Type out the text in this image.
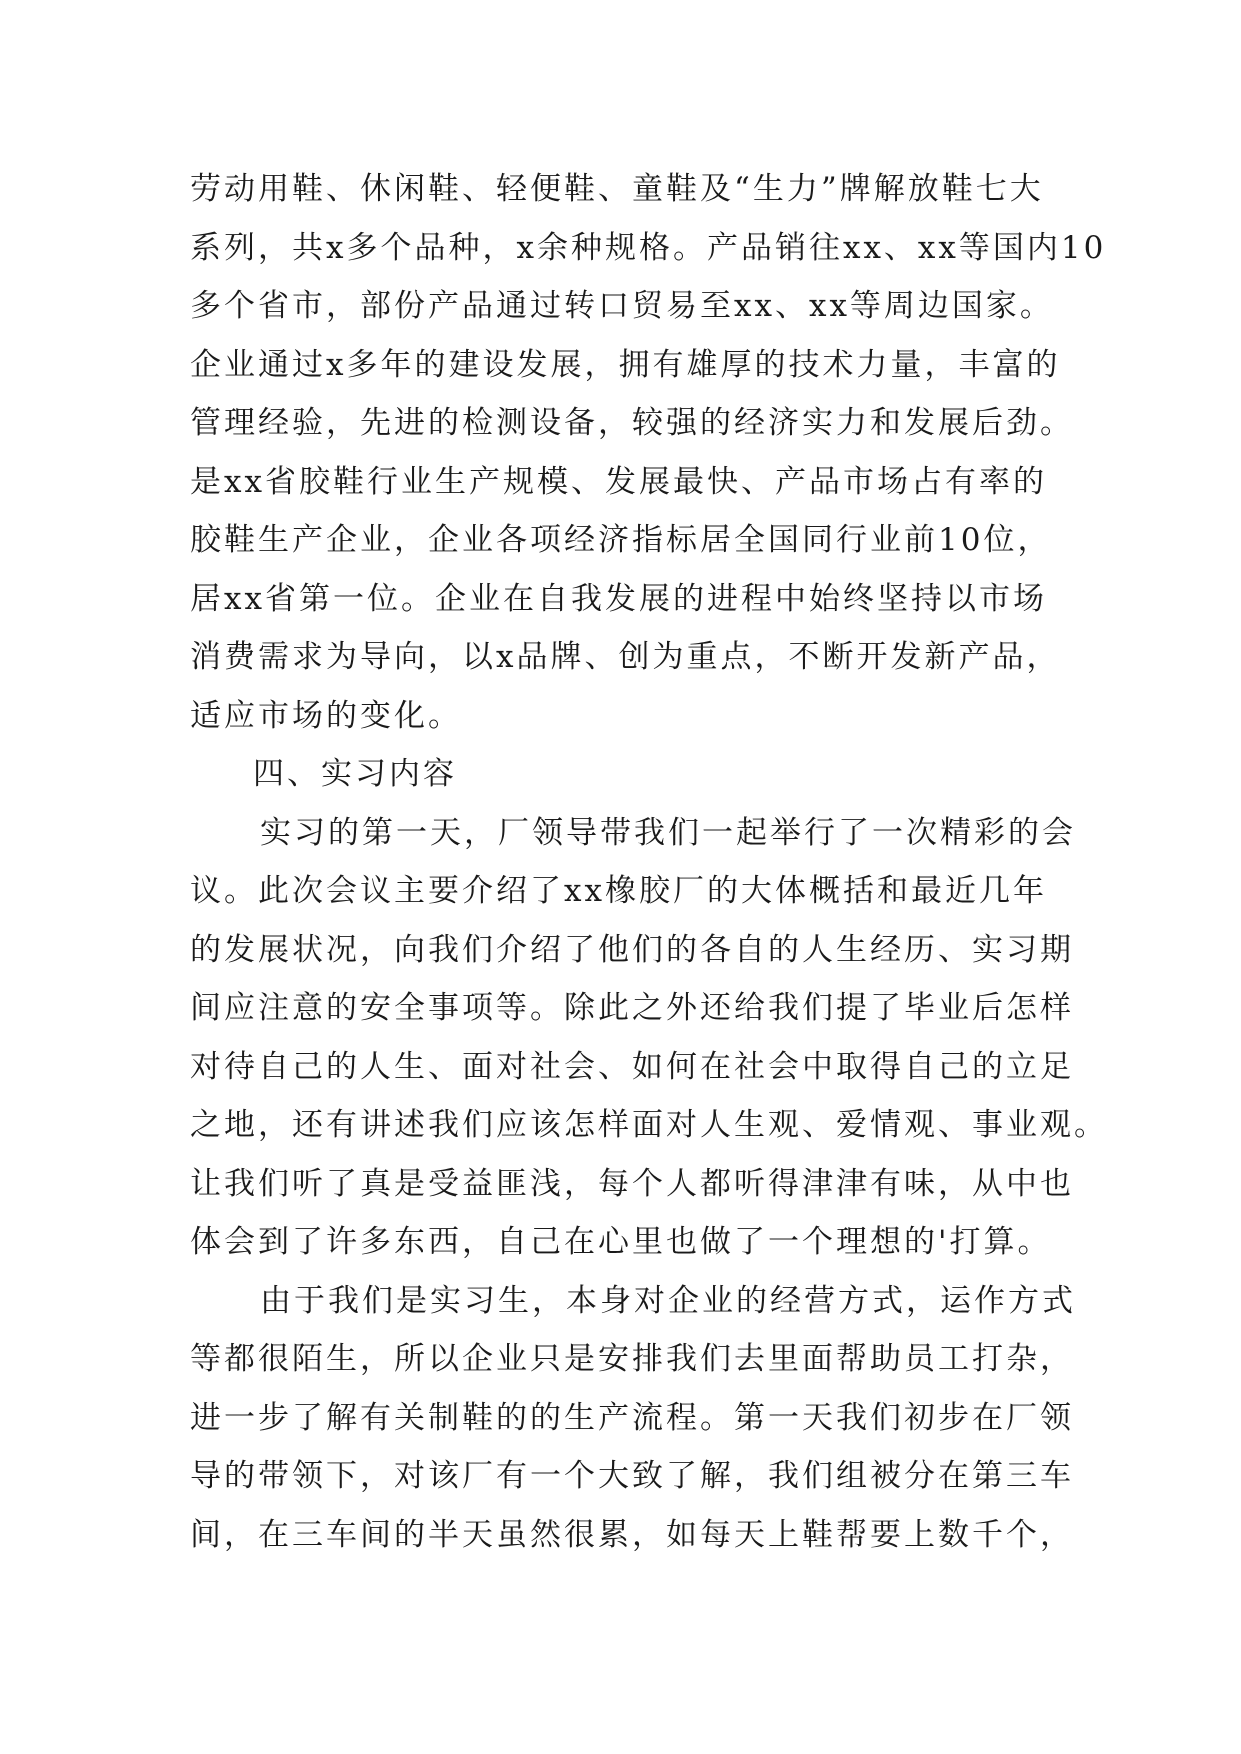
劳动用鞋、休闲鞋、轻便鞋、童鞋及“生力”牌解放鞋七大
系列，共x多个品种，x余种规格。产品销往xx、xx等国内10
多个省市，部份产品通过转口贸易至xx、xx等周边国家。
企业通过x多年的建设发展，拥有雄厚的技术力量，丰富的
管理经验，先进的检测设备，较强的经济实力和发展后劲。
是xx省胶鞋行业生产规模、发展最快、产品市场占有率的
胶鞋生产企业，企业各项经济指标居全国同行业前10位，
居xx省第一位。企业在自我发展的进程中始终坚持以市场
消费需求为导向，以x品牌、创为重点，不断开发新产品，
适应市场的变化。
四、实习内容
实习的第一天，厂领导带我们一起举行了一次精彩的会
议。此次会议主要介绍了xx橡胶厂的大体概括和最近几年
的发展状况，向我们介绍了他们的各自的人生经历、实习期
间应注意的安全事项等。除此之外还给我们提了毕业后怎样
对待自己的人生、面对社会、如何在社会中取得自己的立足
之地，还有讲述我们应该怎样面对人生观、爱情观、事业观。
让我们听了真是受益匪浅，每个人都听得津津有味，从中也
体会到了许多东西，自己在心里也做了一个理想的'打算。
由于我们是实习生，本身对企业的经营方式，运作方式
等都很陌生，所以企业只是安排我们去里面帮助员工打杂，
进一步了解有关制鞋的的生产流程。第一天我们初步在厂领
导的带领下，对该厂有一个大致了解，我们组被分在第三车
间，在三车间的半天虽然很累，如每天上鞋帮要上数千个，
